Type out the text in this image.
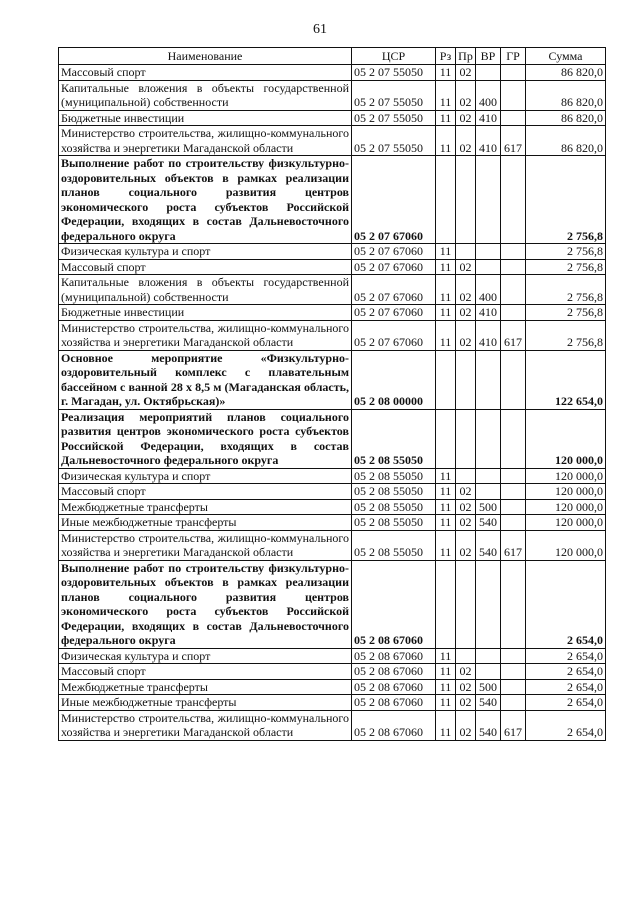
61
Наименование	ЦСР	Рз	Пр	ВР	ГР	Сумма
Массовый спорт	05 2 07 55050	11	02			86 820,0
Капитальные вложения в объекты государственной (муниципальной) собственности	05 2 07 55050	11	02	400		86 820,0
Бюджетные инвестиции	05 2 07 55050	11	02	410		86 820,0
Министерство строительства, жилищно-коммунального хозяйства и энергетики Магаданской области	05 2 07 55050	11	02	410	617	86 820,0
Выполнение работ по строительству физкультурно-оздоровительных объектов в рамках реализации планов социального развития центров экономического роста субъектов Российской Федерации, входящих в состав Дальневосточного федерального округа	05 2 07 67060					2 756,8
Физическая культура и спорт	05 2 07 67060	11				2 756,8
Массовый спорт	05 2 07 67060	11	02			2 756,8
Капитальные вложения в объекты государственной (муниципальной) собственности	05 2 07 67060	11	02	400		2 756,8
Бюджетные инвестиции	05 2 07 67060	11	02	410		2 756,8
Министерство строительства, жилищно-коммунального хозяйства и энергетики Магаданской области	05 2 07 67060	11	02	410	617	2 756,8
Основное мероприятие «Физкультурно-оздоровительный комплекс с плавательным бассейном с ванной 28 х 8,5 м (Магаданская область, г. Магадан, ул. Октябрьская)»	05 2 08 00000					122 654,0
Реализация мероприятий планов социального развития центров экономического роста субъектов Российской Федерации, входящих в состав Дальневосточного федерального округа	05 2 08 55050					120 000,0
Физическая культура и спорт	05 2 08 55050	11				120 000,0
Массовый спорт	05 2 08 55050	11	02			120 000,0
Межбюджетные трансферты	05 2 08 55050	11	02	500		120 000,0
Иные межбюджетные трансферты	05 2 08 55050	11	02	540		120 000,0
Министерство строительства, жилищно-коммунального хозяйства и энергетики Магаданской области	05 2 08 55050	11	02	540	617	120 000,0
Выполнение работ по строительству физкультурно-оздоровительных объектов в рамках реализации планов социального развития центров экономического роста субъектов Российской Федерации, входящих в состав Дальневосточного федерального округа	05 2 08 67060					2 654,0
Физическая культура и спорт	05 2 08 67060	11				2 654,0
Массовый спорт	05 2 08 67060	11	02			2 654,0
Межбюджетные трансферты	05 2 08 67060	11	02	500		2 654,0
Иные межбюджетные трансферты	05 2 08 67060	11	02	540		2 654,0
Министерство строительства, жилищно-коммунального хозяйства и энергетики Магаданской области	05 2 08 67060	11	02	540	617	2 654,0
